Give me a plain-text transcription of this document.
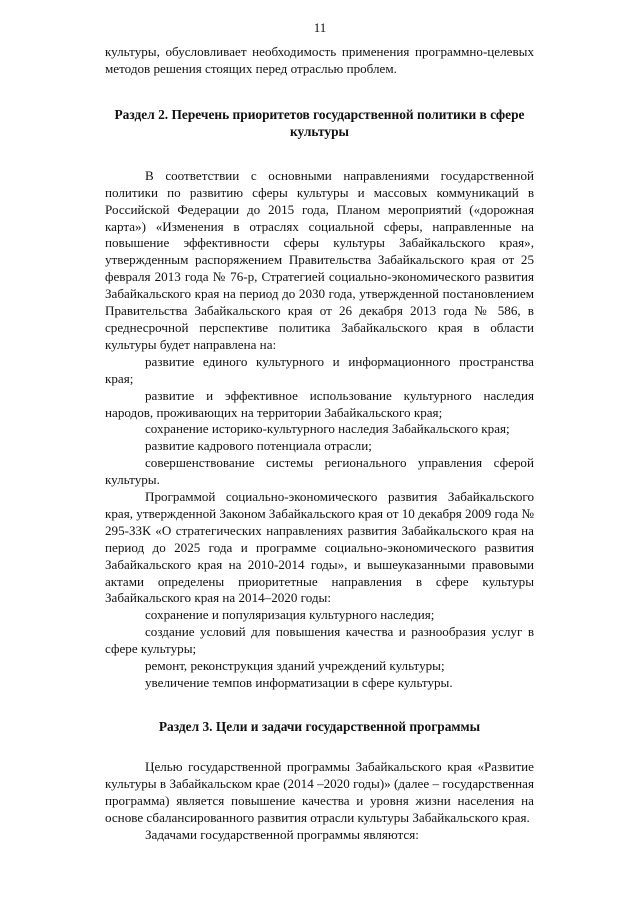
11

культуры, обусловливает необходимость применения программно-целевых методов решения стоящих перед отраслью проблем.

Раздел 2. Перечень приоритетов государственной политики в сфере культуры

В соответствии с основными направлениями государственной политики по развитию сферы культуры и массовых коммуникаций в Российской Федерации до 2015 года, Планом мероприятий («дорожная карта») «Изменения в отраслях социальной сферы, направленные на повышение эффективности сферы культуры Забайкальского края», утвержденным распоряжением Правительства Забайкальского края от 25 февраля 2013 года № 76-р, Стратегией социально-экономического развития Забайкальского края на период до 2030 года, утвержденной постановлением Правительства Забайкальского края от 26 декабря 2013 года № 586, в среднесрочной перспективе политика Забайкальского края в области культуры будет направлена на:

развитие единого культурного и информационного пространства края;

развитие и эффективное использование культурного наследия народов, проживающих на территории Забайкальского края;

сохранение историко-культурного наследия Забайкальского края;

развитие кадрового потенциала отрасли;

совершенствование системы регионального управления сферой культуры.

Программой социально-экономического развития Забайкальского края, утвержденной Законом Забайкальского края от 10 декабря 2009 года № 295-ЗЗК «О стратегических направлениях развития Забайкальского края на период до 2025 года и программе социально-экономического развития Забайкальского края на 2010-2014 годы», и вышеуказанными правовыми актами определены приоритетные направления в сфере культуры Забайкальского края на 2014–2020 годы:

сохранение и популяризация культурного наследия;

создание условий для повышения качества и разнообразия услуг в сфере культуры;

ремонт, реконструкция зданий учреждений культуры;

увеличение темпов информатизации в сфере культуры.

Раздел 3. Цели и задачи государственной программы

Целью государственной программы Забайкальского края «Развитие культуры в Забайкальском крае (2014 –2020 годы)» (далее – государственная программа) является повышение качества и уровня жизни населения на основе сбалансированного развития отрасли культуры Забайкальского края.

Задачами государственной программы являются:
